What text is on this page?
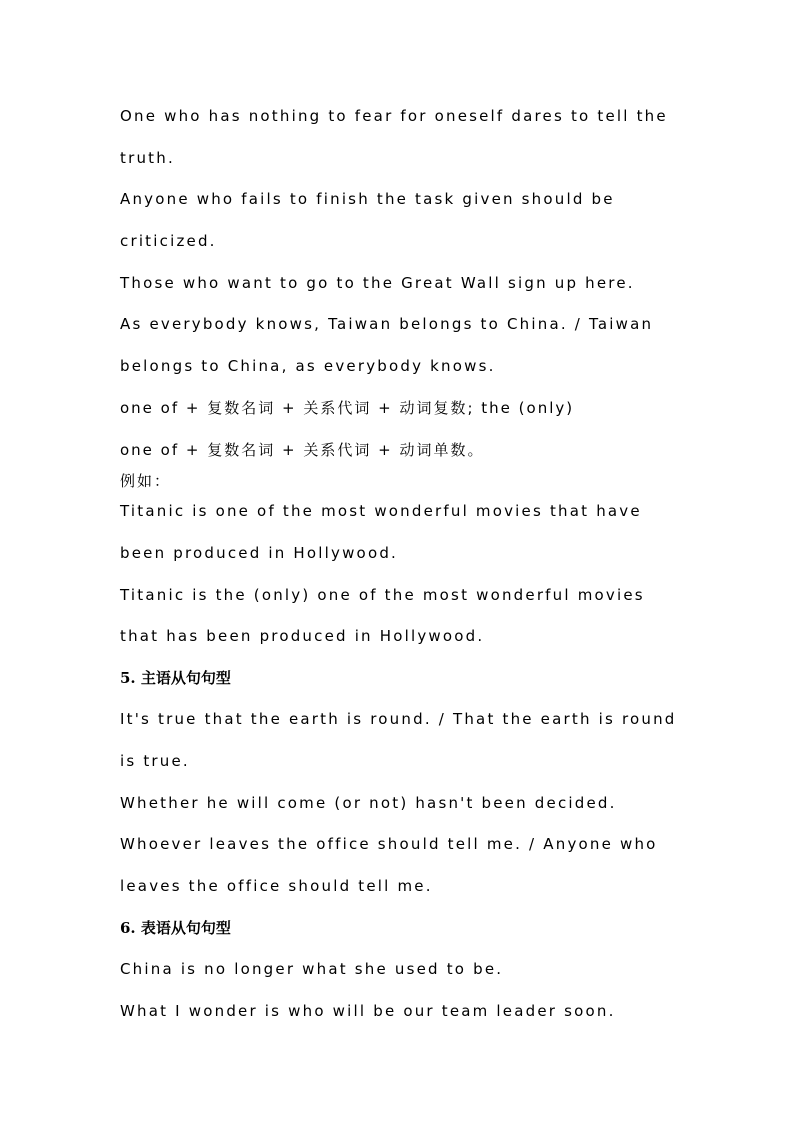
One who has nothing to fear for oneself dares to tell the
truth.
Anyone who fails to finish the task given should be
criticized.
Those who want to go to the Great Wall sign up here.
As everybody knows, Taiwan belongs to China. / Taiwan
belongs to China, as everybody knows.
one of + 复数名词 + 关系代词 + 动词复数; the (only)
one of + 复数名词 + 关系代词 + 动词单数。
例如：
Titanic is one of the most wonderful movies that have
been produced in Hollywood.
Titanic is the (only) one of the most wonderful movies
that has been produced in Hollywood.
5. 主语从句句型
It's true that the earth is round. / That the earth is round
is true.
Whether he will come (or not) hasn't been decided.
Whoever leaves the office should tell me. / Anyone who
leaves the office should tell me.
6. 表语从句句型
China is no longer what she used to be.
What I wonder is who will be our team leader soon.
